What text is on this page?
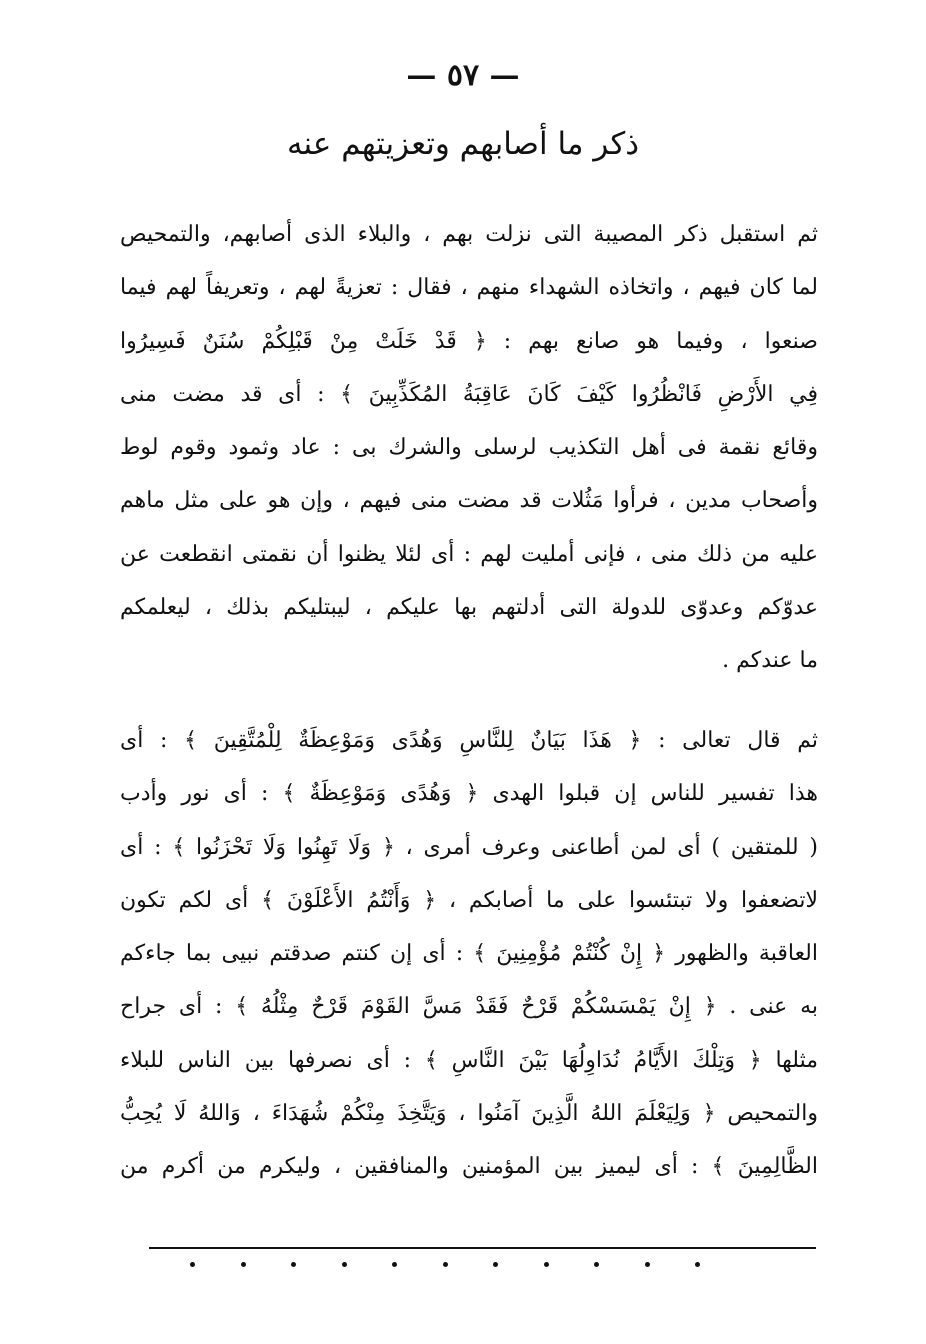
— ٥٧ —
ذكر ما أصابهم وتعزيتهم عنه
ثم استقبل ذكر المصيبة التى نزلت بهم ، والبلاء الذى أصابهم، والتمحيص
لما كان فيهم ، واتخاذه الشهداء منهم ، فقال : تعزيةً لهم ، وتعريفاً لهم فيما
صنعوا ، وفيما هو صانع بهم : ﴿ قَدْ خَلَتْ مِنْ قَبْلِكُمْ سُنَنٌ فَسِيرُوا
فِي الأَرْضِ فَانْظُرُوا كَيْفَ كَانَ عَاقِبَةُ المُكَذِّبِينَ ﴾ : أى قد مضت منى
وقائع نقمة فى أهل التكذيب لرسلى والشرك بى : عاد وثمود وقوم لوط
وأصحاب مدين ، فرأوا مَثُلات قد مضت منى فيهم ، وإن هو على مثل ماهم
عليه من ذلك منى ، فإنى أمليت لهم : أى لئلا يظنوا أن نقمتى انقطعت عن
عدوّكم وعدوّى للدولة التى أدلتهم بها عليكم ، ليبتليكم بذلك ، ليعلمكم
ما عندكم .
ثم قال تعالى : ﴿ هَذَا بَيَانٌ لِلنَّاسِ وَهُدًى وَمَوْعِظَةٌ لِلْمُتَّقِينَ ﴾ : أى
هذا تفسير للناس إن قبلوا الهدى ﴿ وَهُدًى وَمَوْعِظَةٌ ﴾ : أى نور وأدب
( للمتقين ) أى لمن أطاعنى وعرف أمرى ، ﴿ وَلَا تَهِنُوا وَلَا تَحْزَنُوا ﴾ : أى
لاتضعفوا ولا تبتئسوا على ما أصابكم ، ﴿ وَأَنْتُمُ الأَعْلَوْنَ ﴾ أى لكم تكون
العاقبة والظهور ﴿ إِنْ كُنْتُمْ مُؤْمِنِينَ ﴾ : أى إن كنتم صدقتم نبيى بما جاءكم
به عنى . ﴿ إِنْ يَمْسَسْكُمْ قَرْحٌ فَقَدْ مَسَّ القَوْمَ قَرْحٌ مِثْلُهُ ﴾ : أى جراح
مثلها ﴿ وَتِلْكَ الأَيَّامُ نُدَاوِلُهَا بَيْنَ النَّاسِ ﴾ : أى نصرفها بين الناس للبلاء
والتمحيص ﴿ وَلِيَعْلَمَ اللهُ الَّذِينَ آمَنُوا ، وَيَتَّخِذَ مِنْكُمْ شُهَدَاءَ ، وَاللهُ لَا يُحِبُّ
الظَّالِمِينَ ﴾ : أى ليميز بين المؤمنين والمنافقين ، وليكرم من أكرم من
